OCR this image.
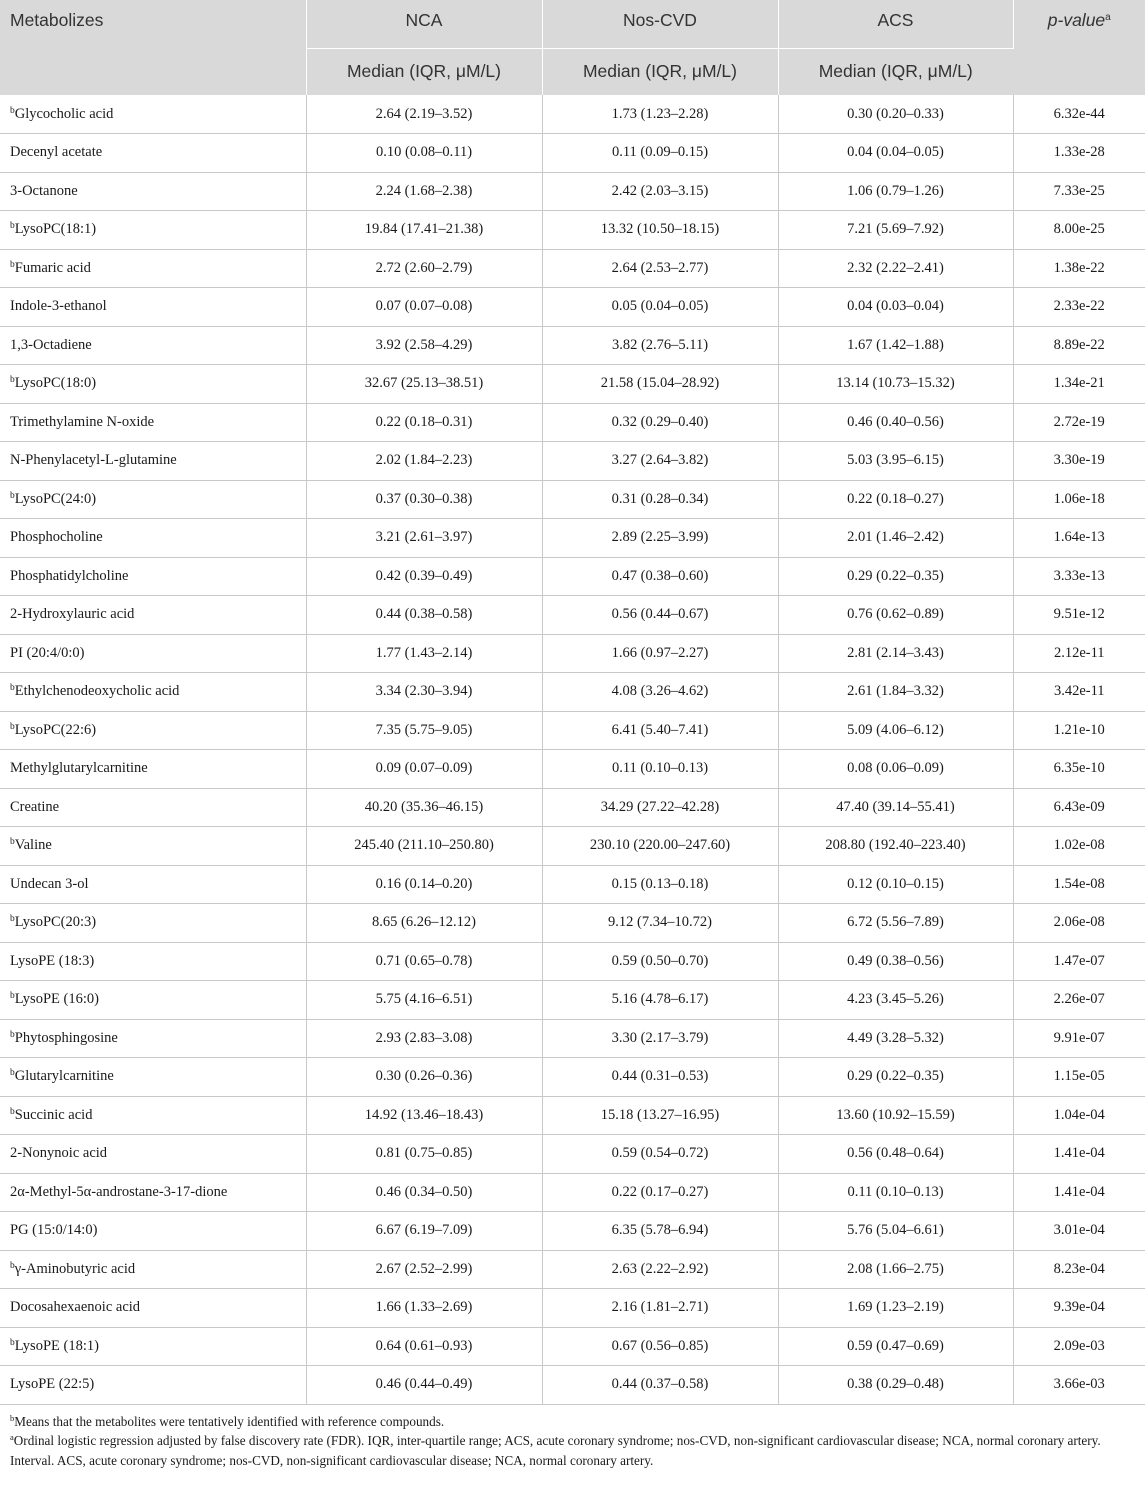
Metabolizes	NCA	Nos-CVD	ACS	p-value$^a$
	Median (IQR, μM/L)	Median (IQR, μM/L)	Median (IQR, μM/L)	
$^b$Glycocholic acid	2.64 (2.19–3.52)	1.73 (1.23–2.28)	0.30 (0.20–0.33)	6.32e-44
Decenyl acetate	0.10 (0.08–0.11)	0.11 (0.09–0.15)	0.04 (0.04–0.05)	1.33e-28
3-Octanone	2.24 (1.68–2.38)	2.42 (2.03–3.15)	1.06 (0.79–1.26)	7.33e-25
$^b$LysoPC(18:1)	19.84 (17.41–21.38)	13.32 (10.50–18.15)	7.21 (5.69–7.92)	8.00e-25
$^b$Fumaric acid	2.72 (2.60–2.79)	2.64 (2.53–2.77)	2.32 (2.22–2.41)	1.38e-22
Indole-3-ethanol	0.07 (0.07–0.08)	0.05 (0.04–0.05)	0.04 (0.03–0.04)	2.33e-22
1,3-Octadiene	3.92 (2.58–4.29)	3.82 (2.76–5.11)	1.67 (1.42–1.88)	8.89e-22
$^b$LysoPC(18:0)	32.67 (25.13–38.51)	21.58 (15.04–28.92)	13.14 (10.73–15.32)	1.34e-21
Trimethylamine N-oxide	0.22 (0.18–0.31)	0.32 (0.29–0.40)	0.46 (0.40–0.56)	2.72e-19
N-Phenylacetyl-L-glutamine	2.02 (1.84–2.23)	3.27 (2.64–3.82)	5.03 (3.95–6.15)	3.30e-19
$^b$LysoPC(24:0)	0.37 (0.30–0.38)	0.31 (0.28–0.34)	0.22 (0.18–0.27)	1.06e-18
Phosphocholine	3.21 (2.61–3.97)	2.89 (2.25–3.99)	2.01 (1.46–2.42)	1.64e-13
Phosphatidylcholine	0.42 (0.39–0.49)	0.47 (0.38–0.60)	0.29 (0.22–0.35)	3.33e-13
2-Hydroxylauric acid	0.44 (0.38–0.58)	0.56 (0.44–0.67)	0.76 (0.62–0.89)	9.51e-12
PI (20:4/0:0)	1.77 (1.43–2.14)	1.66 (0.97–2.27)	2.81 (2.14–3.43)	2.12e-11
$^b$Ethylchenodeoxycholic acid	3.34 (2.30–3.94)	4.08 (3.26–4.62)	2.61 (1.84–3.32)	3.42e-11
$^b$LysoPC(22:6)	7.35 (5.75–9.05)	6.41 (5.40–7.41)	5.09 (4.06–6.12)	1.21e-10
Methylglutarylcarnitine	0.09 (0.07–0.09)	0.11 (0.10–0.13)	0.08 (0.06–0.09)	6.35e-10
Creatine	40.20 (35.36–46.15)	34.29 (27.22–42.28)	47.40 (39.14–55.41)	6.43e-09
$^b$Valine	245.40 (211.10–250.80)	230.10 (220.00–247.60)	208.80 (192.40–223.40)	1.02e-08
Undecan 3-ol	0.16 (0.14–0.20)	0.15 (0.13–0.18)	0.12 (0.10–0.15)	1.54e-08
$^b$LysoPC(20:3)	8.65 (6.26–12.12)	9.12 (7.34–10.72)	6.72 (5.56–7.89)	2.06e-08
LysoPE (18:3)	0.71 (0.65–0.78)	0.59 (0.50–0.70)	0.49 (0.38–0.56)	1.47e-07
$^b$LysoPE (16:0)	5.75 (4.16–6.51)	5.16 (4.78–6.17)	4.23 (3.45–5.26)	2.26e-07
$^b$Phytosphingosine	2.93 (2.83–3.08)	3.30 (2.17–3.79)	4.49 (3.28–5.32)	9.91e-07
$^b$Glutarylcarnitine	0.30 (0.26–0.36)	0.44 (0.31–0.53)	0.29 (0.22–0.35)	1.15e-05
$^b$Succinic acid	14.92 (13.46–18.43)	15.18 (13.27–16.95)	13.60 (10.92–15.59)	1.04e-04
2-Nonynoic acid	0.81 (0.75–0.85)	0.59 (0.54–0.72)	0.56 (0.48–0.64)	1.41e-04
2α-Methyl-5α-androstane-3-17-dione	0.46 (0.34–0.50)	0.22 (0.17–0.27)	0.11 (0.10–0.13)	1.41e-04
PG (15:0/14:0)	6.67 (6.19–7.09)	6.35 (5.78–6.94)	5.76 (5.04–6.61)	3.01e-04
$^b$γ-Aminobutyric acid	2.67 (2.52–2.99)	2.63 (2.22–2.92)	2.08 (1.66–2.75)	8.23e-04
Docosahexaenoic acid	1.66 (1.33–2.69)	2.16 (1.81–2.71)	1.69 (1.23–2.19)	9.39e-04
$^b$LysoPE (18:1)	0.64 (0.61–0.93)	0.67 (0.56–0.85)	0.59 (0.47–0.69)	2.09e-03
LysoPE (22:5)	0.46 (0.44–0.49)	0.44 (0.37–0.58)	0.38 (0.29–0.48)	3.66e-03

$^b$Means that the metabolites were tentatively identified with reference compounds.

$^a$Ordinal logistic regression adjusted by false discovery rate (FDR). IQR, inter-quartile range; ACS, acute coronary syndrome; nos-CVD, non-significant cardiovascular disease; NCA, normal coronary artery.

Interval. ACS, acute coronary syndrome; nos-CVD, non-significant cardiovascular disease; NCA, normal coronary artery.
